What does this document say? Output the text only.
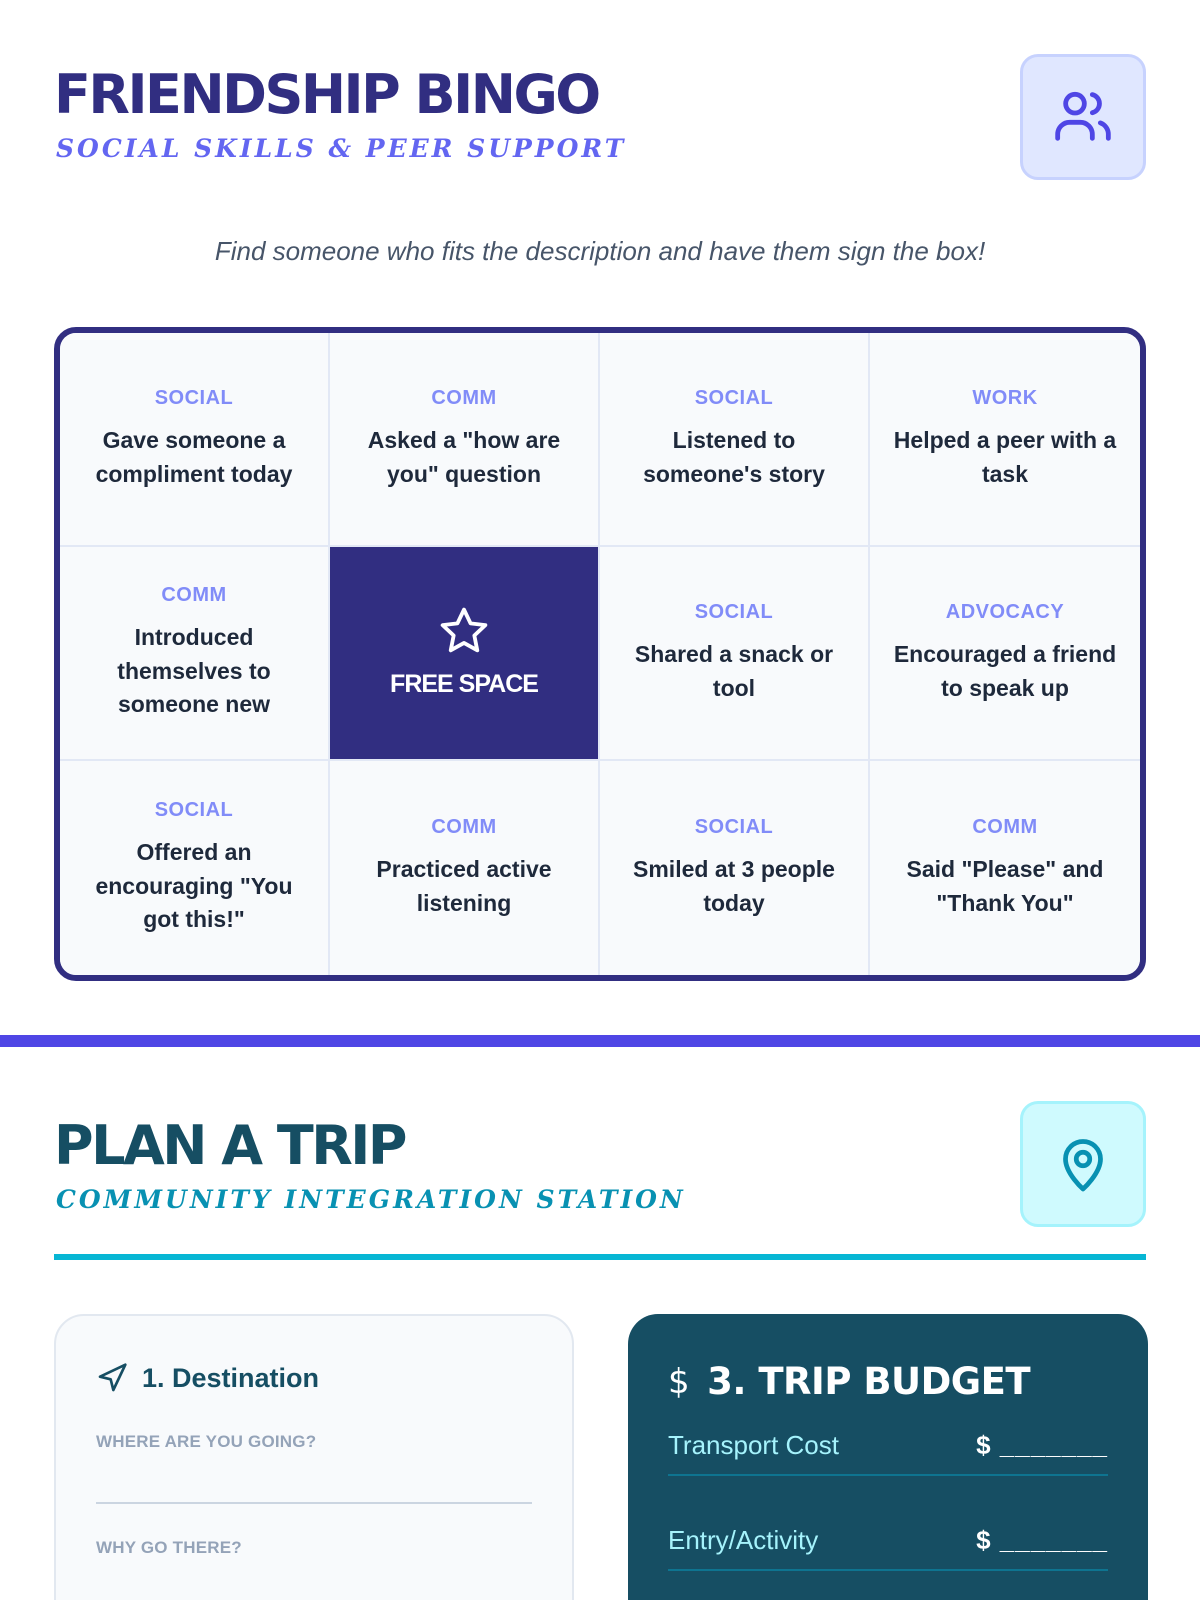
FRIENDSHIP BINGO
SOCIAL SKILLS & PEER SUPPORT
Find someone who fits the description and have them sign the box!
SOCIAL
Gave someone a compliment today
COMM
Asked a "how are you" question
SOCIAL
Listened to someone's story
WORK
Helped a peer with a task
COMM
Introduced themselves to someone new
FREE SPACE
SOCIAL
Shared a snack or tool
ADVOCACY
Encouraged a friend to speak up
SOCIAL
Offered an encouraging "You got this!"
COMM
Practiced active listening
SOCIAL
Smiled at 3 people today
COMM
Said "Please" and "Thank You"
PLAN A TRIP
COMMUNITY INTEGRATION STATION
1. Destination
WHERE ARE YOU GOING?
WHY GO THERE?
$ 3. TRIP BUDGET
Transport Cost	$ _______
Entry/Activity	$ _______
